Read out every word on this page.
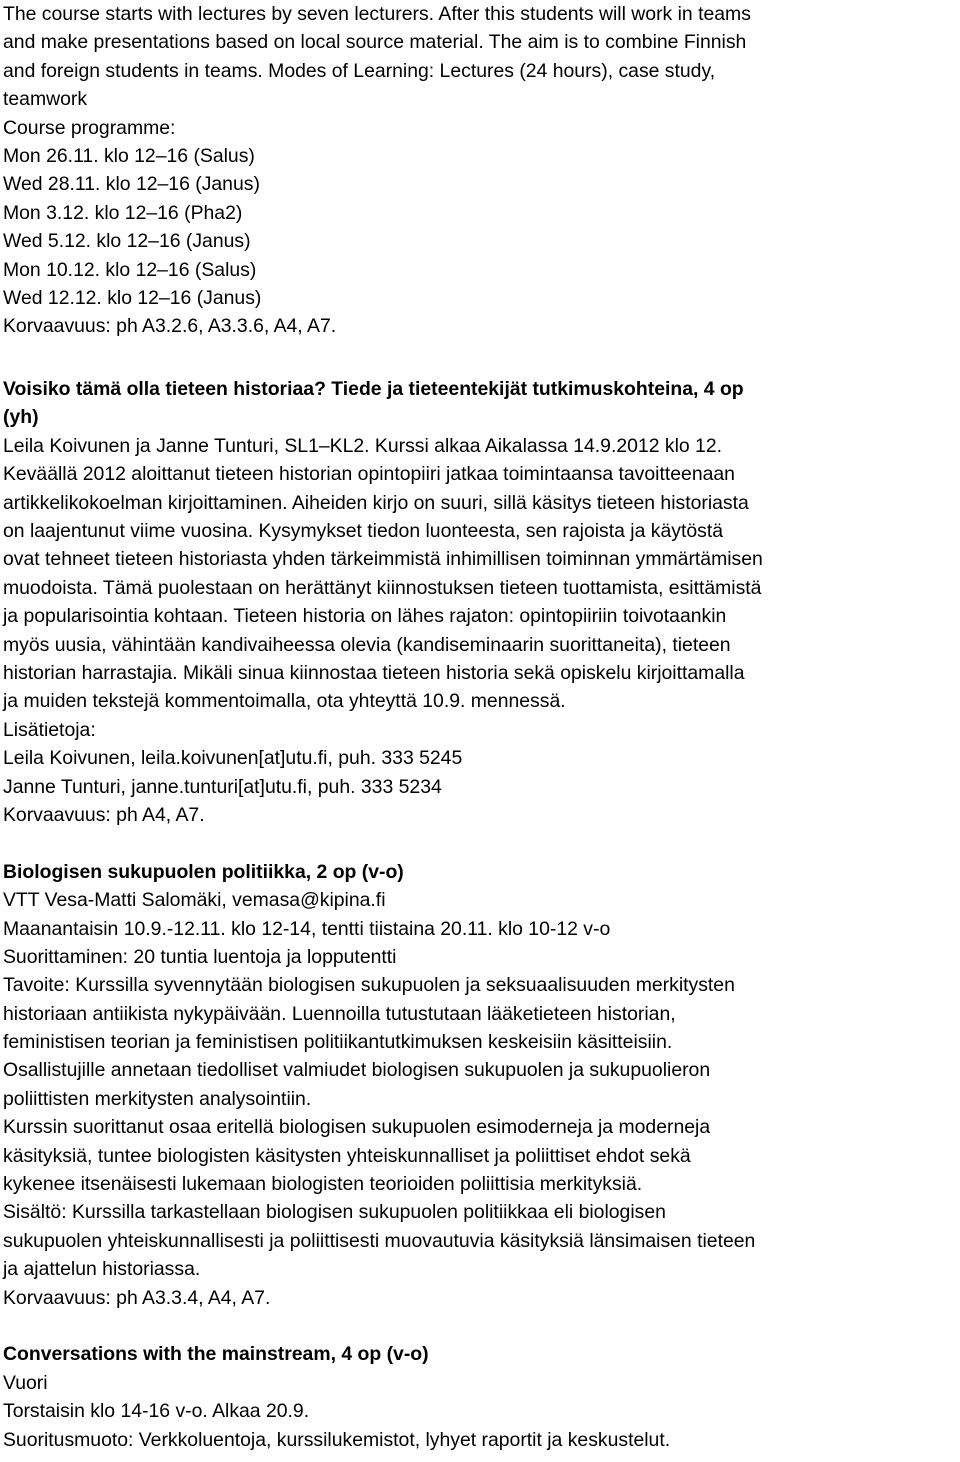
The course starts with lectures by seven lecturers. After this students will work in teams
and make presentations based on local source material. The aim is to combine Finnish
and foreign students in teams. Modes of Learning: Lectures (24 hours), case study,
teamwork
Course programme:
Mon 26.11. klo 12–16 (Salus)
Wed 28.11. klo 12–16 (Janus)
Mon 3.12. klo 12–16 (Pha2)
Wed 5.12. klo 12–16 (Janus)
Mon 10.12. klo 12–16 (Salus)
Wed 12.12. klo 12–16 (Janus)
Korvaavuus: ph A3.2.6, A3.3.6, A4, A7.
Voisiko tämä olla tieteen historiaa? Tiede ja tieteentekijät tutkimuskohteina, 4 op
(yh)
Leila Koivunen ja Janne Tunturi, SL1–KL2. Kurssi alkaa Aikalassa 14.9.2012 klo 12.
Keväällä 2012 aloittanut tieteen historian opintopiiri jatkaa toimintaansa tavoitteenaan
artikkelikokoelman kirjoittaminen. Aiheiden kirjo on suuri, sillä käsitys tieteen historiasta
on laajentunut viime vuosina. Kysymykset tiedon luonteesta, sen rajoista ja käytöstä
ovat tehneet tieteen historiasta yhden tärkeimmistä inhimillisen toiminnan ymmärtämisen
muodoista. Tämä puolestaan on herättänyt kiinnostuksen tieteen tuottamista, esittämistä
ja popularisointia kohtaan. Tieteen historia on lähes rajaton: opintopiiriin toivotaankin
myös uusia, vähintään kandivaiheessa olevia (kandiseminaarin suorittaneita), tieteen
historian harrastajia. Mikäli sinua kiinnostaa tieteen historia sekä opiskelu kirjoittamalla
ja muiden tekstejä kommentoimalla, ota yhteyttä 10.9. mennessä.
Lisätietoja:
Leila Koivunen, leila.koivunen[at]utu.fi, puh. 333 5245
Janne Tunturi, janne.tunturi[at]utu.fi, puh. 333 5234
Korvaavuus: ph A4, A7.
Biologisen sukupuolen politiikka, 2 op (v-o)
VTT Vesa-Matti Salomäki, vemasa@kipina.fi
Maanantaisin 10.9.-12.11. klo 12-14, tentti tiistaina 20.11. klo 10-12 v-o
Suorittaminen: 20 tuntia luentoja ja lopputentti
Tavoite: Kurssilla syvennytään biologisen sukupuolen ja seksuaalisuuden merkitysten
historiaan antiikista nykypäivään. Luennoilla tutustutaan lääketieteen historian,
feministisen teorian ja feministisen politiikantutkimuksen keskeisiin käsitteisiin.
Osallistujille annetaan tiedolliset valmiudet biologisen sukupuolen ja sukupuolieron
poliittisten merkitysten analysointiin.
Kurssin suorittanut osaa eritellä biologisen sukupuolen esimoderneja ja moderneja
käsityksiä, tuntee biologisten käsitysten yhteiskunnalliset ja poliittiset ehdot sekä
kykenee itsenäisesti lukemaan biologisten teorioiden poliittisia merkityksiä.
Sisältö: Kurssilla tarkastellaan biologisen sukupuolen politiikkaa eli biologisen
sukupuolen yhteiskunnallisesti ja poliittisesti muovautuvia käsityksiä länsimaisen tieteen
ja ajattelun historiassa.
Korvaavuus: ph A3.3.4, A4, A7.
Conversations with the mainstream, 4 op (v-o)
Vuori
Torstaisin klo 14-16 v-o. Alkaa 20.9.
Suoritusmuoto: Verkkoluentoja, kurssilukemistot, lyhyet raportit ja keskustelut.
